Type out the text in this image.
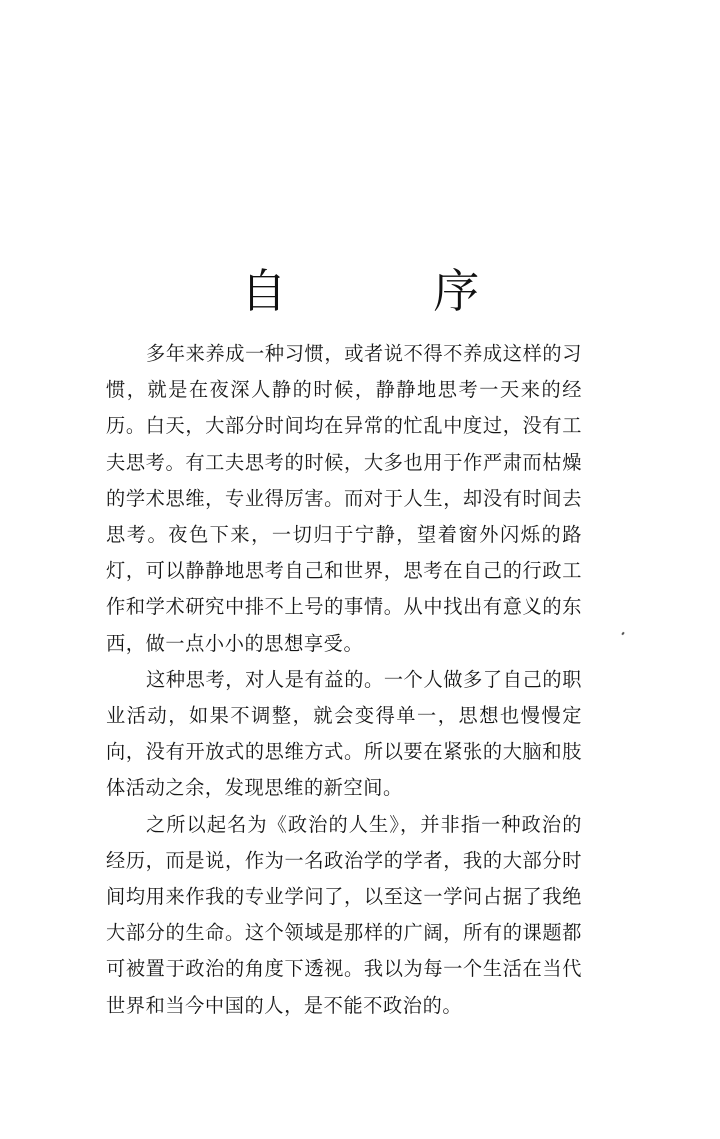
自 序

多年来养成一种习惯，或者说不得不养成这样的习惯，就是在夜深人静的时候，静静地思考一天来的经历。白天，大部分时间均在异常的忙乱中度过，没有工夫思考。有工夫思考的时候，大多也用于作严肃而枯燥的学术思维，专业得厉害。而对于人生，却没有时间去思考。夜色下来，一切归于宁静，望着窗外闪烁的路灯，可以静静地思考自己和世界，思考在自己的行政工作和学术研究中排不上号的事情。从中找出有意义的东西，做一点小小的思想享受。

这种思考，对人是有益的。一个人做多了自己的职业活动，如果不调整，就会变得单一，思想也慢慢定向，没有开放式的思维方式。所以要在紧张的大脑和肢体活动之余，发现思维的新空间。

之所以起名为《政治的人生》，并非指一种政治的经历，而是说，作为一名政治学的学者，我的大部分时间均用来作我的专业学问了，以至这一学问占据了我绝大部分的生命。这个领域是那样的广阔，所有的课题都可被置于政治的角度下透视。我以为每一个生活在当代世界和当今中国的人，是不能不政治的。
